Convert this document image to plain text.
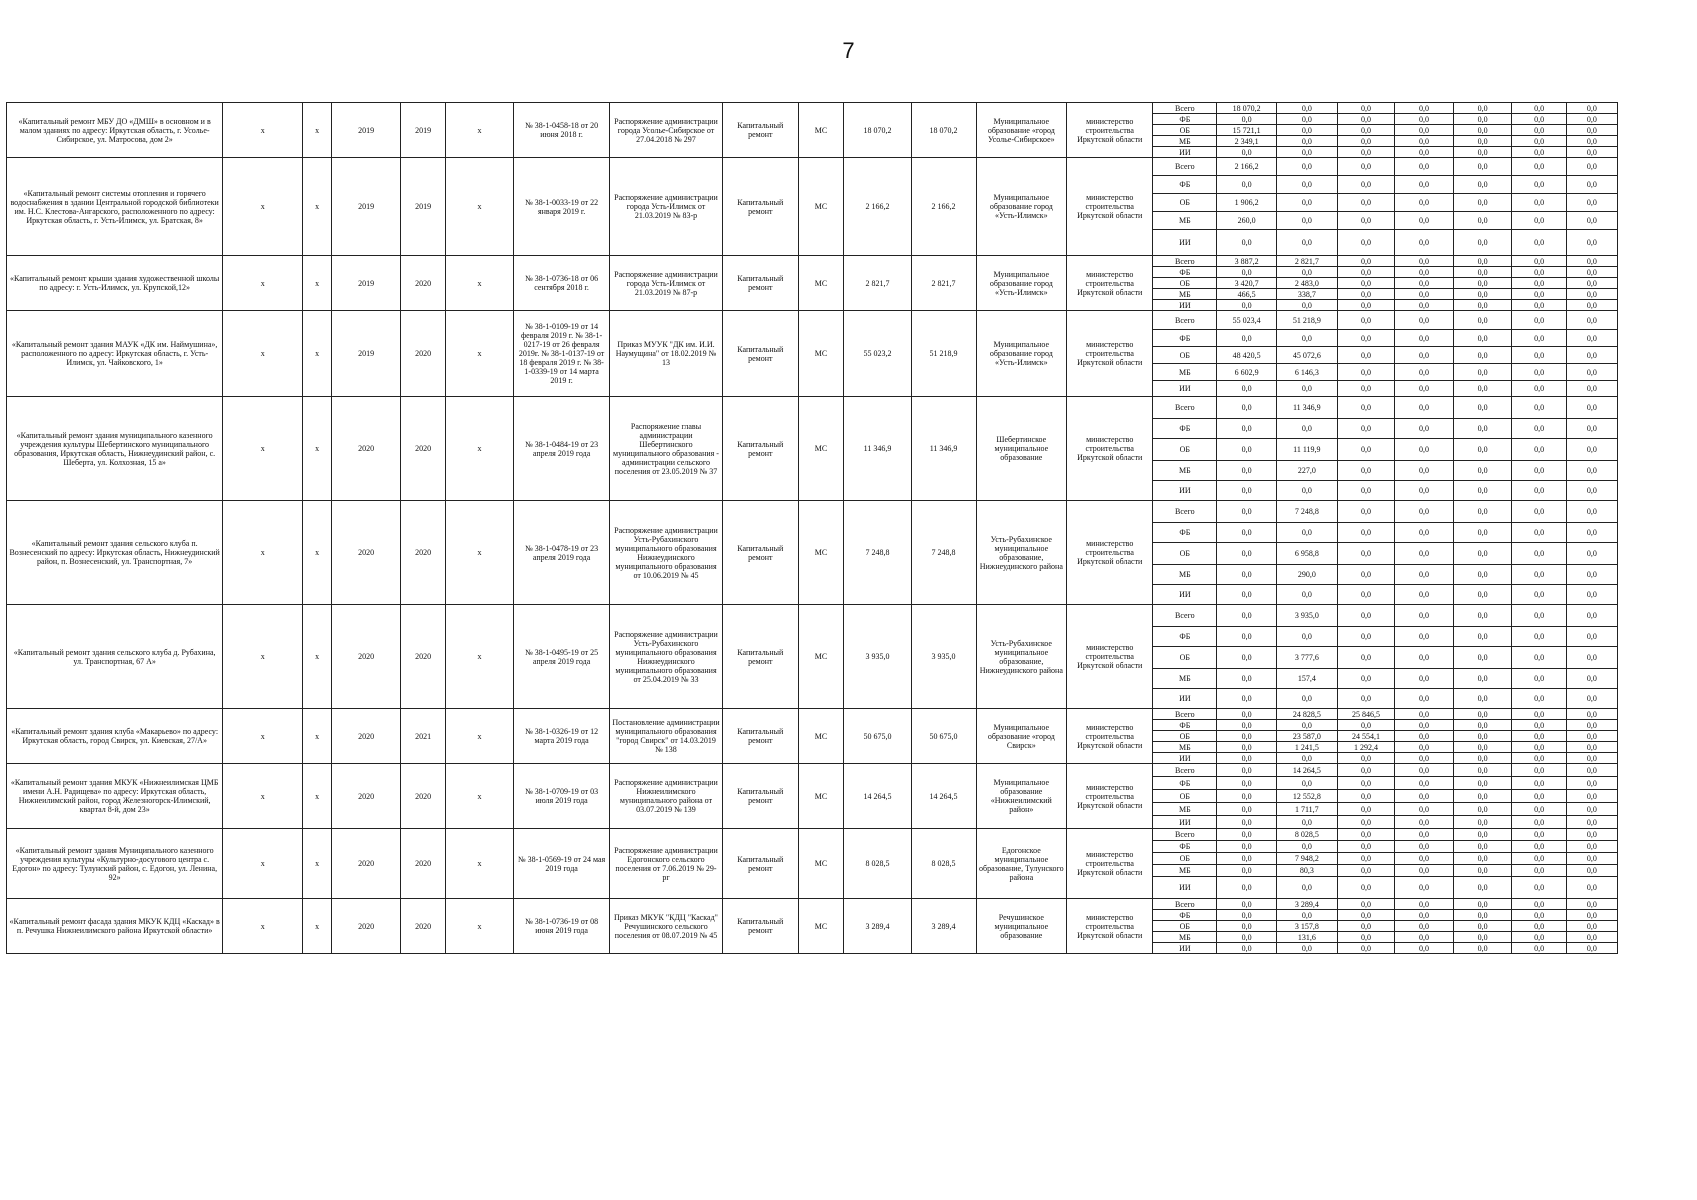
7
«Капитальный ремонт МБУ ДО «ДМШ» в основном и в малом зданиях по адресу: Иркутская область, г. Усолье-Сибирское, ул. Матросова, дом 2»	х	х	2019	2019	х	№ 38-1-0458-18 от 20 июня 2018 г.	Распоряжение администрации города Усолье-Сибирское от 27.04.2018 № 297	Капитальный ремонт	МС	18 070,2	18 070,2	Муниципальное образование «город Усолье-Сибирское»	министерство строительства Иркутской области	Всего	18 070,2	0,0	0,0	0,0	0,0	0,0	0,0
														ФБ	0,0	0,0	0,0	0,0	0,0	0,0	0,0
														ОБ	15 721,1	0,0	0,0	0,0	0,0	0,0	0,0
														МБ	2 349,1	0,0	0,0	0,0	0,0	0,0	0,0
														ИИ	0,0	0,0	0,0	0,0	0,0	0,0	0,0
«Капитальный ремонт системы отопления и горячего водоснабжения в здании Центральной городской библиотеки им. Н.С. Клестова-Ангарского, расположенного по адресу: Иркутская область, г. Усть-Илимск, ул. Братская, 8»	х	х	2019	2019	х	№ 38-1-0033-19 от 22 января 2019 г.	Распоряжение администрации города Усть-Илимск от 21.03.2019 № 83-р	Капитальный ремонт	МС	2 166,2	2 166,2	Муниципальное образование город «Усть-Илимск»	министерство строительства Иркутской области	Всего	2 166,2	0,0	0,0	0,0	0,0	0,0	0,0
														ФБ	0,0	0,0	0,0	0,0	0,0	0,0	0,0
														ОБ	1 906,2	0,0	0,0	0,0	0,0	0,0	0,0
														МБ	260,0	0,0	0,0	0,0	0,0	0,0	0,0
														ИИ	0,0	0,0	0,0	0,0	0,0	0,0	0,0
«Капитальный ремонт крыши здания художественной школы по адресу: г. Усть-Илимск, ул. Крупской,12»	х	х	2019	2020	х	№ 38-1-0736-18 от 06 сентября 2018 г.	Распоряжение администрации города Усть-Илимск от 21.03.2019 № 87-р	Капитальный ремонт	МС	2 821,7	2 821,7	Муниципальное образование город «Усть-Илимск»	министерство строительства Иркутской области	Всего	3 887,2	2 821,7	0,0	0,0	0,0	0,0	0,0
														ФБ	0,0	0,0	0,0	0,0	0,0	0,0	0,0
														ОБ	3 420,7	2 483,0	0,0	0,0	0,0	0,0	0,0
														МБ	466,5	338,7	0,0	0,0	0,0	0,0	0,0
														ИИ	0,0	0,0	0,0	0,0	0,0	0,0	0,0
«Капитальный ремонт здания МАУК «ДК им. Наймушина», расположенного по адресу: Иркутская область, г. Усть-Илимск, ул. Чайковского, 1»	х	х	2019	2020	х	№ 38-1-0109-19 от 14 февраля 2019 г. № 38-1-0217-19 от 26 февраля 2019г. № 38-1-0137-19 от 18 февраля 2019 г. № 38-1-0339-19 от 14 марта 2019 г.	Приказ МУУК "ДК им. И.И. Наумущина" от 18.02.2019 № 13	Капитальный ремонт	МС	55 023,2	51 218,9	Муниципальное образование город «Усть-Илимск»	министерство строительства Иркутской области	Всего	55 023,4	51 218,9	0,0	0,0	0,0	0,0	0,0
														ФБ	0,0	0,0	0,0	0,0	0,0	0,0	0,0
														ОБ	48 420,5	45 072,6	0,0	0,0	0,0	0,0	0,0
														МБ	6 602,9	6 146,3	0,0	0,0	0,0	0,0	0,0
														ИИ	0,0	0,0	0,0	0,0	0,0	0,0	0,0
«Капитальный ремонт здания муниципального казенного учреждения культуры Шебертинского муниципального образования, Иркутская область, Нижнеудинский район, с. Шеберта, ул. Колхозная, 15 а»	х	х	2020	2020	х	№ 38-1-0484-19 от 23 апреля 2019 года	Распоряжение главы администрации Шебертинского муниципального образования - администрации сельского поселения от 23.05.2019 № 37	Капитальный ремонт	МС	11 346,9	11 346,9	Шебертинское муниципальное образование	министерство строительства Иркутской области	Всего	0,0	11 346,9	0,0	0,0	0,0	0,0	0,0
														ФБ	0,0	0,0	0,0	0,0	0,0	0,0	0,0
														ОБ	0,0	11 119,9	0,0	0,0	0,0	0,0	0,0
														МБ	0,0	227,0	0,0	0,0	0,0	0,0	0,0
														ИИ	0,0	0,0	0,0	0,0	0,0	0,0	0,0
«Капитальный ремонт здания сельского клуба п. Вознесенский по адресу: Иркутская область, Нижнеудинский район, п. Вознесенский, ул. Транспортная, 7»	х	х	2020	2020	х	№ 38-1-0478-19 от 23 апреля 2019 года	Распоряжение администрации Усть-Рубахинского муниципального образования Нижнеудинского муниципального образования от 10.06.2019 № 45	Капитальный ремонт	МС	7 248,8	7 248,8	Усть-Рубахинское муниципальное образование, Нижнеудинского района	министерство строительства Иркутской области	Всего	0,0	7 248,8	0,0	0,0	0,0	0,0	0,0
														ФБ	0,0	0,0	0,0	0,0	0,0	0,0	0,0
														ОБ	0,0	6 958,8	0,0	0,0	0,0	0,0	0,0
														МБ	0,0	290,0	0,0	0,0	0,0	0,0	0,0
														ИИ	0,0	0,0	0,0	0,0	0,0	0,0	0,0
«Капитальный ремонт здания сельского клуба д. Рубахина, ул. Транспортная, 67 А»	х	х	2020	2020	х	№ 38-1-0495-19 от 25 апреля 2019 года	Распоряжение администрации Усть-Рубахинского муниципального образования Нижнеудинского муниципального образования от 25.04.2019 № 33	Капитальный ремонт	МС	3 935,0	3 935,0	Усть-Рубахинское муниципальное образование, Нижнеудинского района	министерство строительства Иркутской области	Всего	0,0	3 935,0	0,0	0,0	0,0	0,0	0,0
														ФБ	0,0	0,0	0,0	0,0	0,0	0,0	0,0
														ОБ	0,0	3 777,6	0,0	0,0	0,0	0,0	0,0
														МБ	0,0	157,4	0,0	0,0	0,0	0,0	0,0
														ИИ	0,0	0,0	0,0	0,0	0,0	0,0	0,0
«Капитальный ремонт здания клуба «Макарьево» по адресу: Иркутская область, город Свирск, ул. Киевская, 27/А»	х	х	2020	2021	х	№ 38-1-0326-19 от 12 марта 2019 года	Постановление администрации муниципального образования "город Свирск" от 14.03.2019 № 138	Капитальный ремонт	МС	50 675,0	50 675,0	Муниципальное образование «город Свирск»	министерство строительства Иркутской области	Всего	0,0	24 828,5	25 846,5	0,0	0,0	0,0	0,0
														ФБ	0,0	0,0	0,0	0,0	0,0	0,0	0,0
														ОБ	0,0	23 587,0	24 554,1	0,0	0,0	0,0	0,0
														МБ	0,0	1 241,5	1 292,4	0,0	0,0	0,0	0,0
														ИИ	0,0	0,0	0,0	0,0	0,0	0,0	0,0
«Капитальный ремонт здания МКУК «Нижнеилимская ЦМБ имени А.Н. Радищева» по адресу: Иркутская область, Нижнеилимский район, город Железногорск-Илимский, квартал 8-й, дом 23»	х	х	2020	2020	х	№ 38-1-0709-19 от 03 июля 2019 года	Распоряжение администрации Нижнеилимского муниципального района от 03.07.2019 № 139	Капитальный ремонт	МС	14 264,5	14 264,5	Муниципальное образование «Нижнеилимский район»	министерство строительства Иркутской области	Всего	0,0	14 264,5	0,0	0,0	0,0	0,0	0,0
														ФБ	0,0	0,0	0,0	0,0	0,0	0,0	0,0
														ОБ	0,0	12 552,8	0,0	0,0	0,0	0,0	0,0
														МБ	0,0	1 711,7	0,0	0,0	0,0	0,0	0,0
														ИИ	0,0	0,0	0,0	0,0	0,0	0,0	0,0
«Капитальный ремонт здания Муниципального казенного учреждения культуры «Культурно-досугового центра с. Едогон» по адресу: Тулунский район, с. Едогон, ул. Ленина, 92»	х	х	2020	2020	х	№ 38-1-0569-19 от 24 мая 2019 года	Распоряжение администрации Едогонского сельского поселения от 7.06.2019 № 29-рг	Капитальный ремонт	МС	8 028,5	8 028,5	Едогонское муниципальное образование, Тулунского района	министерство строительства Иркутской области	Всего	0,0	8 028,5	0,0	0,0	0,0	0,0	0,0
														ФБ	0,0	0,0	0,0	0,0	0,0	0,0	0,0
														ОБ	0,0	7 948,2	0,0	0,0	0,0	0,0	0,0
														МБ	0,0	80,3	0,0	0,0	0,0	0,0	0,0
														ИИ	0,0	0,0	0,0	0,0	0,0	0,0	0,0
«Капитальный ремонт фасада здания МКУК КДЦ «Каскад» в п. Речушка Нижнеилимского района Иркутской области»	х	х	2020	2020	х	№ 38-1-0736-19 от 08 июня 2019 года	Приказ МКУК "КДЦ "Каскад" Речушинского сельского поселения от 08.07.2019 № 45	Капитальный ремонт	МС	3 289,4	3 289,4	Речушинское муниципальное образование	министерство строительства Иркутской области	Всего	0,0	3 289,4	0,0	0,0	0,0	0,0	0,0
														ФБ	0,0	0,0	0,0	0,0	0,0	0,0	0,0
														ОБ	0,0	3 157,8	0,0	0,0	0,0	0,0	0,0
														МБ	0,0	131,6	0,0	0,0	0,0	0,0	0,0
														ИИ	0,0	0,0	0,0	0,0	0,0	0,0	0,0
